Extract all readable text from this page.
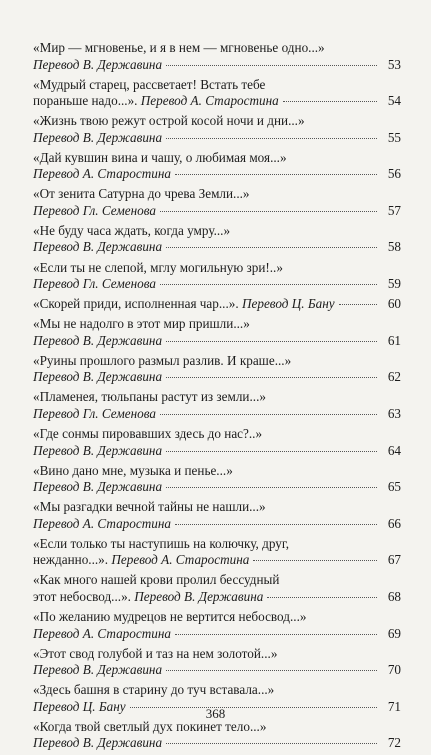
«Мир — мгновенье, и я в нем — мгновенье одно...»
Перевод В. Державина	53
«Мудрый старец, рассветает! Встать тебе
пораньше надо...». Перевод А. Старостина	54
«Жизнь твою режут острой косой ночи и дни...»
Перевод В. Державина	55
«Дай кувшин вина и чашу, о любимая моя...»
Перевод А. Старостина	56
«От зенита Сатурна до чрева Земли...»
Перевод Гл. Семенова	57
«Не буду часа ждать, когда умру...»
Перевод В. Державина	58
«Если ты не слепой, мглу могильную зри!..»
Перевод Гл. Семенова	59
«Скорей приди, исполненная чар...». Перевод Ц. Бану	60
«Мы не надолго в этот мир пришли...»
Перевод В. Державина	61
«Руины прошлого размыл разлив. И краше...»
Перевод В. Державина	62
«Пламенея, тюльпаны растут из земли...»
Перевод Гл. Семенова	63
«Где сонмы пировавших здесь до нас?..»
Перевод В. Державина	64
«Вино дано мне, музыка и пенье...»
Перевод В. Державина	65
«Мы разгадки вечной тайны не нашли...»
Перевод А. Старостина	66
«Если только ты наступишь на колючку, друг,
нежданно...». Перевод А. Старостина	67
«Как много нашей крови пролил бессудный
этот небосвод...». Перевод В. Державина	68
«По желанию мудрецов не вертится небосвод...»
Перевод А. Старостина	69
«Этот свод голубой и таз на нем золотой...»
Перевод В. Державина	70
«Здесь башня в старину до туч вставала...»
Перевод Ц. Бану	71
«Когда твой светлый дух покинет тело...»
Перевод В. Державина	72
368
